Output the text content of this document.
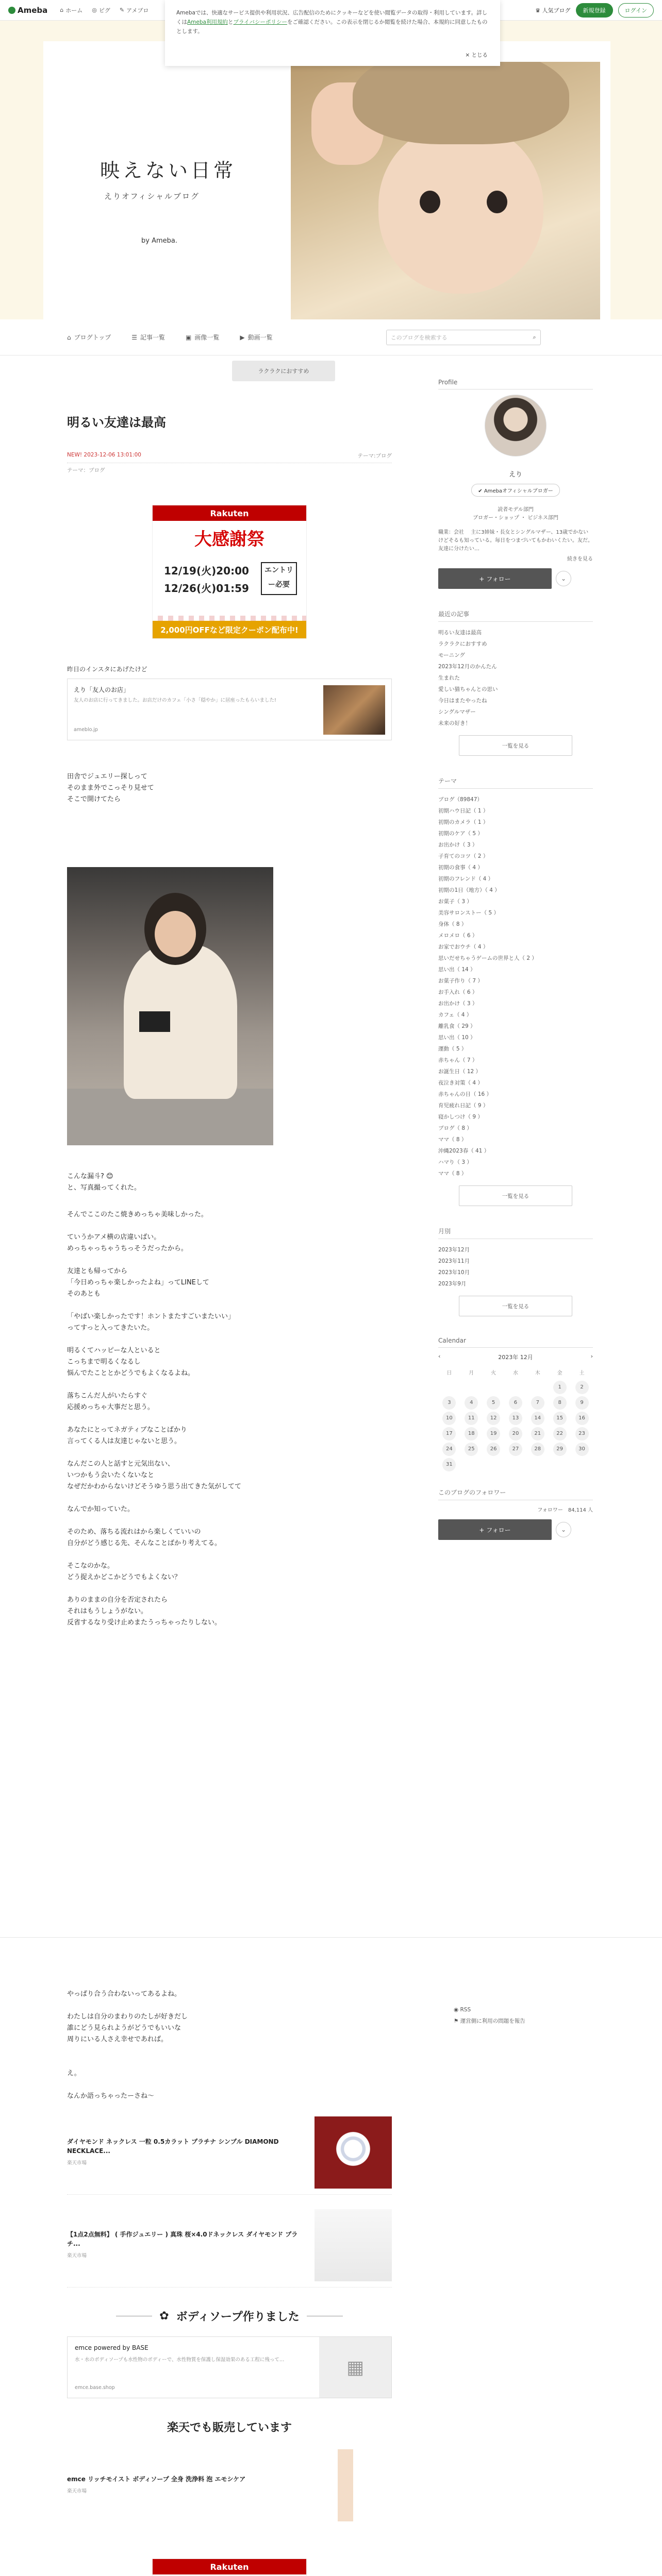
Ameba ⌂ ホーム ◎ ピグ ✎ アメブロ	♛ 人気ブログ	新規登録	ログイン
Amebaでは、快適なサービス提供や利用状況、広告配信のためにクッキーなどを使い閲覧データの取得・利用しています。詳しくはAmeba利用規約とプライバシーポリシーをご確認ください。この表示を閉じるか閲覧を続けた場合、本規約に同意したものとします。
× とじる
映えない日常
えりオフィシャルブログ
by Ameba.
⌂ ブログトップ	☰ 記事一覧	▣ 画像一覧	▶ 動画一覧	このブログを検索する	⌕
ラクラクにおすすめ
明るい友達は最高
NEW! 2023-12-06 13:01:00	テーマ:ブログ
テーマ：ブログ
Rakuten
大感謝祭
12/19(火)20:00
12/26(火)01:59
エントリー必要
2,000円OFFなど限定クーポン配布中!
昨日のインスタにあげたけど
えり「友人のお店」
友人のお店に行ってきました。お店だけのカフェ「小さ「穏やか」に居座ったもらいました!
ameblo.jp

田舎でジュエリー探しって
そのまま外でこっそり見せて
そこで開けてたら

こんな漏斗? 😊
と、写真撮ってくれた。

そんでここのたこ焼きめっちゃ美味しかった。

ていうかアメ横の店違いばい。
めっちゃっちゃうちっそうだったから。

友達とも帰ってから
「今日めっちゃ楽しかったよね」ってLINEして
そのあとも

「やばい楽しかったです！ホントまたすごいまたいい」
ってすっと入ってきたいた。

明るくてハッピーな人といると
こっちまで明るくなるし
悩んでたこととかどうでもよくなるよね。

落ちこんだ人がいたらすぐ
応援めっちゃ大事だと思う。

あなたにとってネガティブなことばかり
言ってくる人は友達じゃないと思う。

なんだこの人と話すと元気出ない、
いつかもう会いたくないなと
なぜだかわからないけどそうゆう思う出てきた気がしてて

なんでか知っていた。

そのため、落ちる流れはから楽しくていいの
自分がどう感じる先、そんなことばかり考えてる。

そこなのかな。
どう捉えかどこかどうでもよくない？

ありのままの自分を否定されたら
それはもうしょうがない。
反省するなり受け止めまたうっちゃったりしない。

Profile
えり
✔ Amebaオフィシャルブロガー
読者モデル部門
ブロガー・ショップ ・ ビジネス部門
職業：会社　 主に3姉妹・長女とシングルマザー、13歳でかないけどそるも知っている。毎日をつまづいてもかわいくたい。友だ。友達に分けたい…
続きを見る
+ フォロー	⌄
最近の記事
明るい友達は最高
ラクラクにおすすめ
モーニング
2023年12月のかんたん
生まれた
愛しい猫ちゃんとの思い
今日はまたやったね
シングルマザー
未来の好き！
一覧を見る
テーマ
ブログ（89847）
初期ハウ日記（ 1 ）
初期のカメラ（ 1 ）
初期のケア（ 5 ）
お出かけ（ 3 ）
子育てのコツ（ 2 ）
初期の食事（ 4 ）
初期のフレンド（ 4 ）
初期の1日（地方）（ 4 ）
お菓子（ 3 ）
美容サロンストー（ 5 ）
身体（ 8 ）
メロメロ（ 6 ）
お家でおウチ（ 4 ）
思いだせちゃうゲームの世界と人（ 2 ）
思い出（ 14 ）
お菓子作り（ 7 ）
お手入れ（ 6 ）
お出かけ（ 3 ）
カフェ（ 4 ）
離乳食（ 29 ）
思い出（ 10 ）
運動（ 5 ）
赤ちゃん（ 7 ）
お誕生日（ 12 ）
夜泣き対策（ 4 ）
赤ちゃんの日（ 16 ）
育児疲れ日記（ 9 ）
寝かしつけ（ 9 ）
ブログ（ 8 ）
ママ（ 8 ）
沖縄2023春（ 41 ）
ハマり（ 3 ）
ママ（ 8 ）
一覧を見る
月別
2023年12月
2023年11月
2023年10月
2023年9月
一覧を見る
Calendar
‹	2023年 12月	›
日	月	火	水	木	金	土
					1	2
3	4	5	6	7	8	9
10	11	12	13	14	15	16
17	18	19	20	21	22	23
24	25	26	27	28	29	30
31						
このブログのフォロワー
フォロワー　84,114 人
+ フォロー	⌄

やっぱり合う合わないってあるよね。

わたしは自分のまわりのたしが好きだし
誰にどう見られようがどうでもいいな
周りにいる人さえ幸せであれば。

え。

なんか語っちゃったーさね〜

ダイヤモンド ネックレス 一粒 0.5カラット プラチナ シンプル DIAMOND NECKLACE...
楽天市場
【1点2点無料】 ( 手作ジュエリー ) 真珠 桜×4.0ドネックレス ダイヤモンド プラチ...
楽天市場
✿ ボディソープ作りました
emce powered by BASE
水・水のボディソープも水性物のボディーで、水性物質を保護し保湿効果のある工程に残って…
emce.base.shop
▦
楽天でも販売しています
emce リッチモイスト ボディソープ 全身 洗浄料 泡 エモシケア
楽天市場
Rakuten
◉ RSS
⚑ 運営側に利用の問題を報告
